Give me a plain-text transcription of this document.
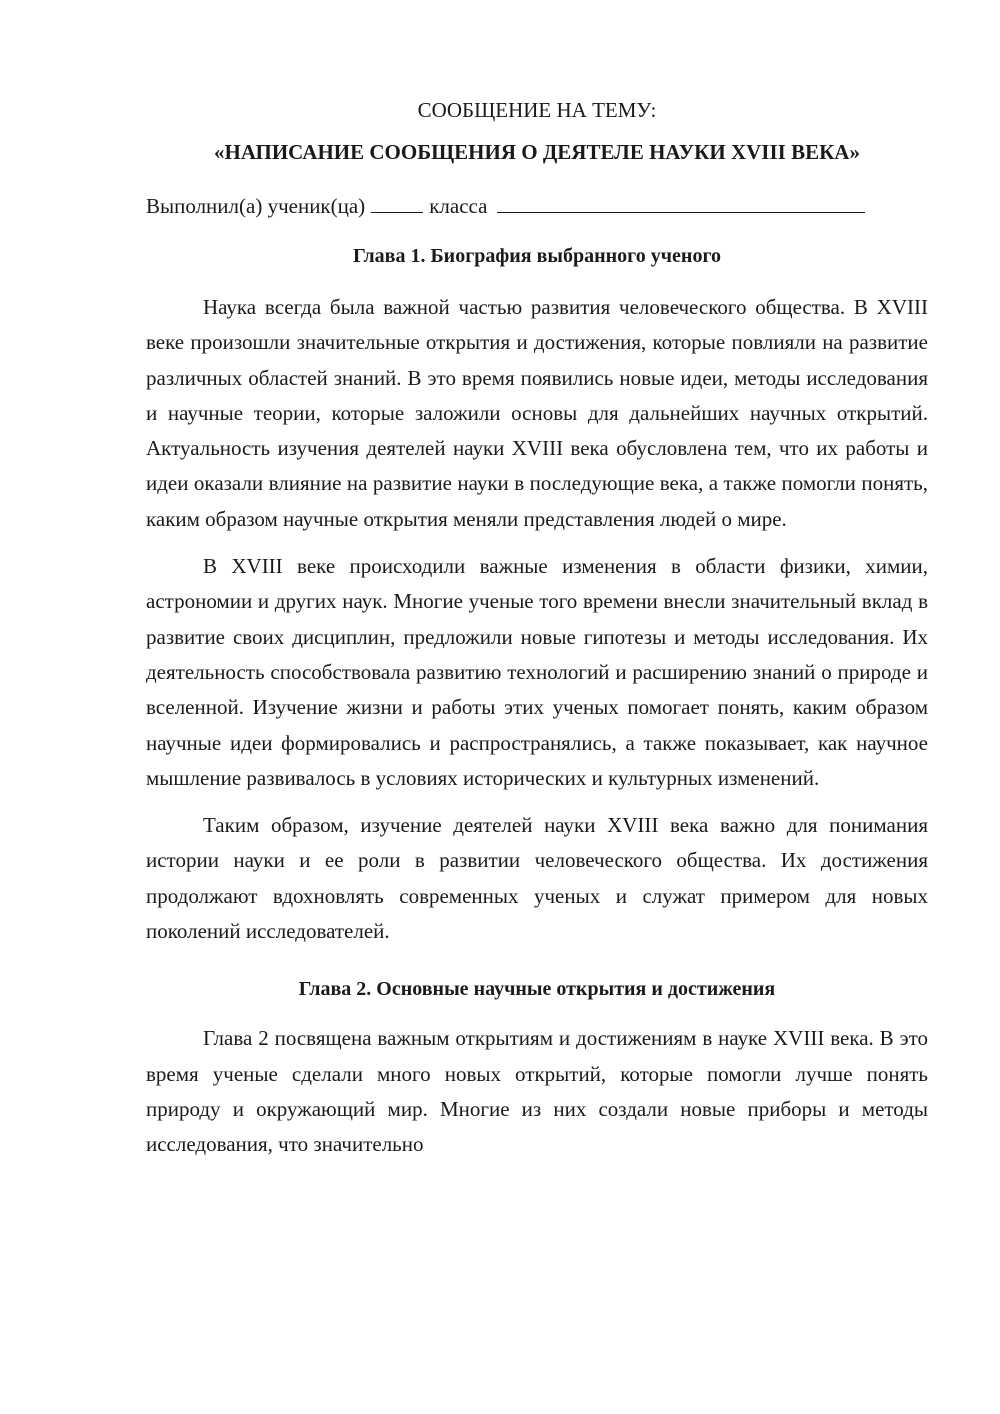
СООБЩЕНИЕ НА ТЕМУ:

«НАПИСАНИЕ СООБЩЕНИЯ О ДЕЯТЕЛЕ НАУКИ XVIII ВЕКА»

Выполнил(а) ученик(ца)	класса

Глава 1. Биография выбранного ученого

Наука всегда была важной частью развития человеческого общества. В XVIII веке произошли значительные открытия и достижения, которые повлияли на развитие различных областей знаний. В это время появились новые идеи, методы исследования и научные теории, которые заложили основы для дальнейших научных открытий. Актуальность изучения деятелей науки XVIII века обусловлена тем, что их работы и идеи оказали влияние на развитие науки в последующие века, а также помогли понять, каким образом научные открытия меняли представления людей о мире.

В XVIII веке происходили важные изменения в области физики, химии, астрономии и других наук. Многие ученые того времени внесли значительный вклад в развитие своих дисциплин, предложили новые гипотезы и методы исследования. Их деятельность способствовала развитию технологий и расширению знаний о природе и вселенной. Изучение жизни и работы этих ученых помогает понять, каким образом научные идеи формировались и распространялись, а также показывает, как научное мышление развивалось в условиях исторических и культурных изменений.

Таким образом, изучение деятелей науки XVIII века важно для понимания истории науки и ее роли в развитии человеческого общества. Их достижения продолжают вдохновлять современных ученых и служат примером для новых поколений исследователей.

Глава 2. Основные научные открытия и достижения

Глава 2 посвящена важным открытиям и достижениям в науке XVIII века. В это время ученые сделали много новых открытий, которые помогли лучше понять природу и окружающий мир. Многие из них создали новые приборы и методы исследования, что значительно
